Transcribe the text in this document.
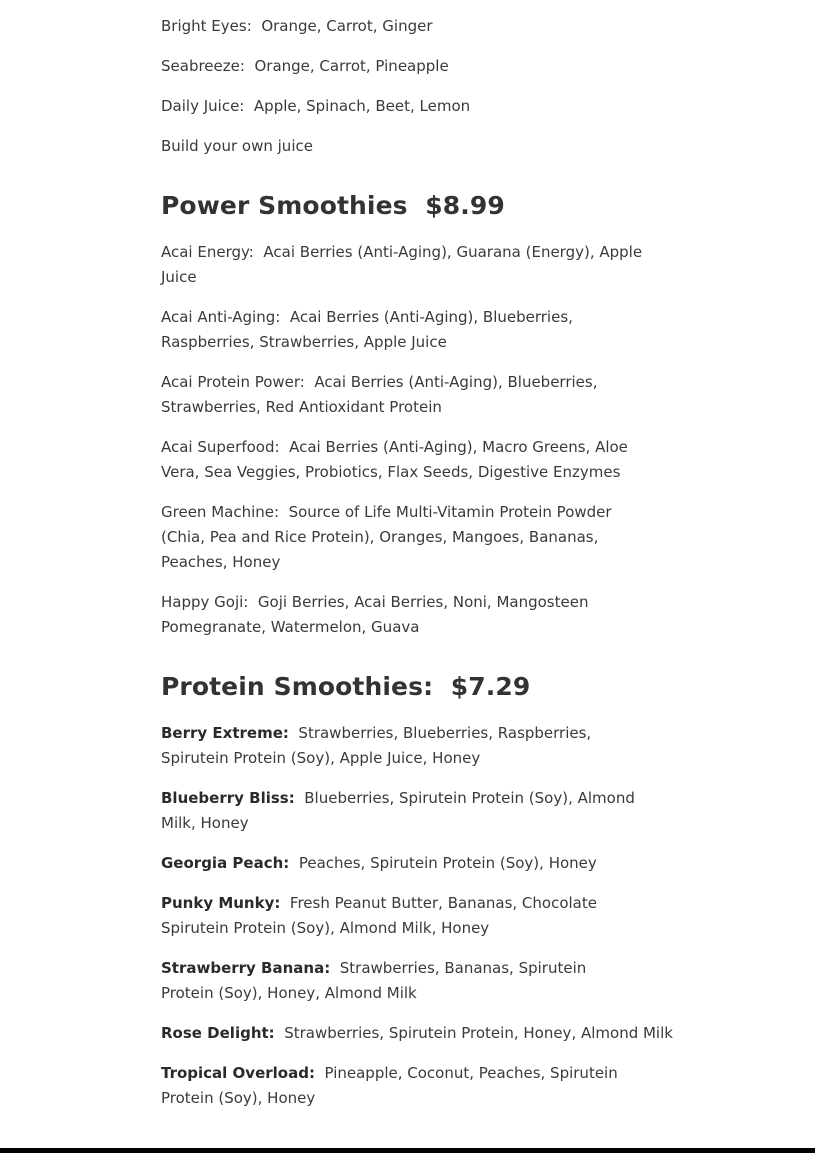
Bright Eyes: Orange, Carrot, Ginger

Seabreeze: Orange, Carrot, Pineapple

Daily Juice: Apple, Spinach, Beet, Lemon

Build your own juice

Power Smoothies  $8.99

Acai Energy: Acai Berries (Anti-Aging), Guarana (Energy), Apple Juice

Acai Anti-Aging: Acai Berries (Anti-Aging), Blueberries, Raspberries, Strawberries, Apple Juice

Acai Protein Power: Acai Berries (Anti-Aging), Blueberries, Strawberries, Red Antioxidant Protein

Acai Superfood: Acai Berries (Anti-Aging), Macro Greens, Aloe Vera, Sea Veggies, Probiotics, Flax Seeds, Digestive Enzymes

Green Machine: Source of Life Multi-Vitamin Protein Powder (Chia, Pea and Rice Protein), Oranges, Mangoes, Bananas, Peaches, Honey

Happy Goji: Goji Berries, Acai Berries, Noni, Mangosteen Pomegranate, Watermelon, Guava

Protein Smoothies:  $7.29

Berry Extreme: Strawberries, Blueberries, Raspberries, Spirutein Protein (Soy), Apple Juice, Honey

Blueberry Bliss: Blueberries, Spirutein Protein (Soy), Almond Milk, Honey

Georgia Peach: Peaches, Spirutein Protein (Soy), Honey

Punky Munky: Fresh Peanut Butter, Bananas, Chocolate Spirutein Protein (Soy), Almond Milk, Honey

Strawberry Banana: Strawberries, Bananas, Spirutein Protein (Soy), Honey, Almond Milk

Rose Delight: Strawberries, Spirutein Protein, Honey, Almond Milk

Tropical Overload: Pineapple, Coconut, Peaches, Spirutein Protein (Soy), Honey
